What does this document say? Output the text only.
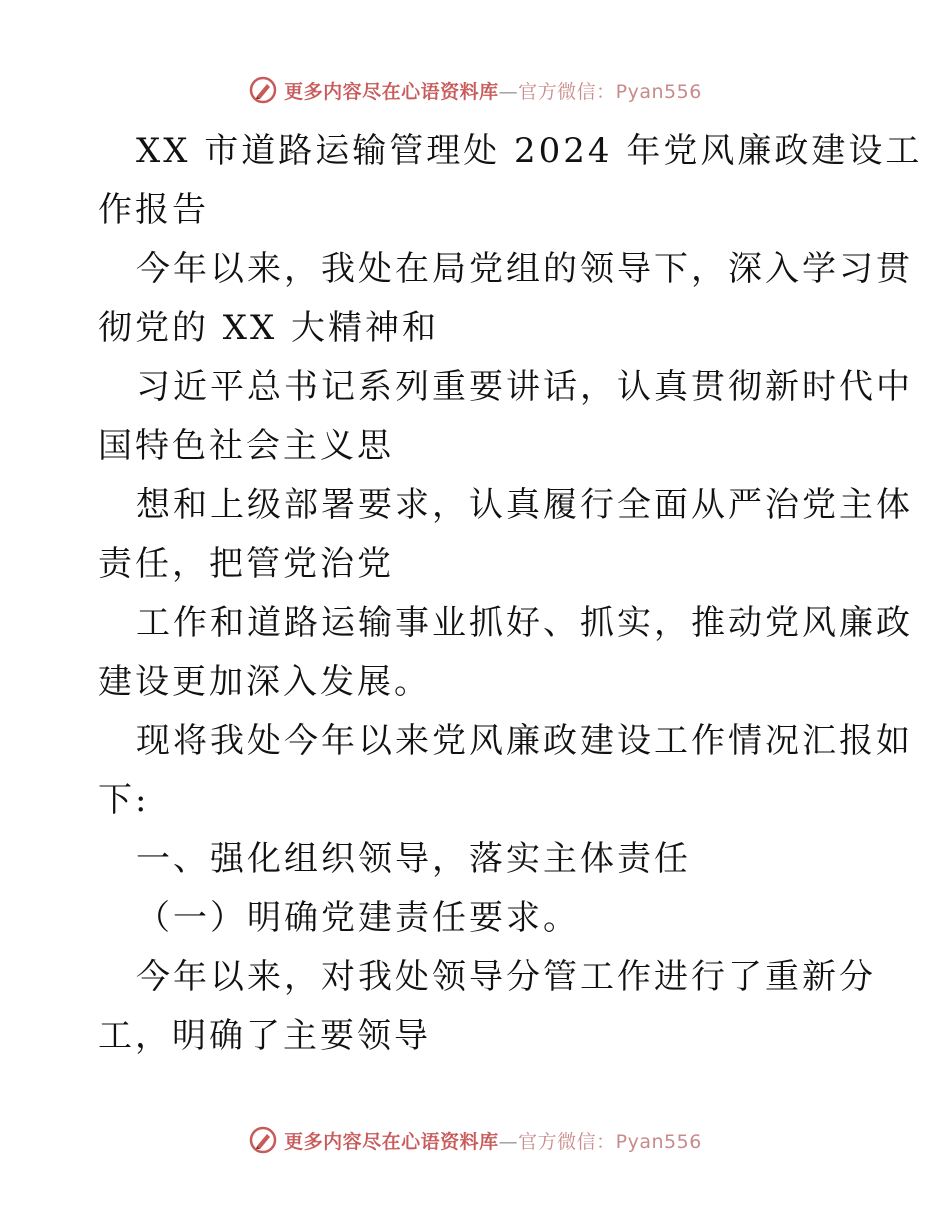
更多内容尽在心语资料库—官方微信：Pyan556
XX 市道路运输管理处 2024 年党风廉政建设工
作报告
今年以来，我处在局党组的领导下，深入学习贯
彻党的 XX 大精神和
习近平总书记系列重要讲话，认真贯彻新时代中
国特色社会主义思
想和上级部署要求，认真履行全面从严治党主体
责任，把管党治党
工作和道路运输事业抓好、抓实，推动党风廉政
建设更加深入发展。
现将我处今年以来党风廉政建设工作情况汇报如
下:
一、强化组织领导，落实主体责任
（一）明确党建责任要求。
今年以来，对我处领导分管工作进行了重新分
工，明确了主要领导
更多内容尽在心语资料库—官方微信：Pyan556
